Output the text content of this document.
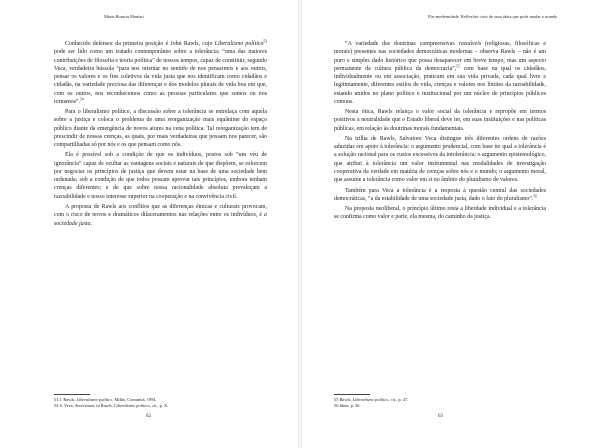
Maria Rosaria Maniari

Conhecido defensor da primeira posição é John Rawls, cujo Liberalismo político$^{53}$ pode ser lido como um tratado contemporâneo sobre a tolerância; “uma das maiores contribuições de filosofia e teoria política” de nossos tempos, capaz de constituir, segundo Veca, verdadeira bússola “para nos orientar no sentido de nos pensarmos e aos outros, pensar os valores e os fins coletivos da vida justa que nos identificam como cidadãos e cidadãs, na variedade preciosa das diferenças e dos modelos plurais de vida boa em que, com os outros, nos reconhecemos como as pessoas particulares que somos ou nos tornamos”.$^{54}$

Para o liberalismo político, a discussão sobre a tolerância se entrelaça com aquela sobre a justiça e coloca o problema de uma reorganização mais equânime do espaço público diante da emergência de novos atores na cena política. Tal reorganização tem de prescindir de nossas crenças, as quais, por mais verdadeiras que possam nos parecer, são compartilhadas só por nós e os que pensam como nós.

Ela é possível sob a condição de que os indivíduos, postos sob “um véu de ignorância” capaz de ocultar as vantagens sociais e naturais de que dispõem, se esforcem por negociar os princípios de justiça que devem estar na base de uma sociedade bem ordenada; sob a condição de que todos possam aprovar tais princípios, embora tenham crenças diferentes; e de que sobre nossa racionalidade absoluta prevaleçam a razoabilidade e nosso interesse superior na cooperação e na convivência civil.

A proposta de Rawls aos conflitos que as diferenças étnicas e culturais provocam, com o risco de novos e dramáticos dilaceramentos nas relações entre os indivíduos, é a sociedade justa.

53 J. Rawls, Liberalismo político, Milão, Comunità, 1994.

54 S. Veca, Avvertenza, in Rawls, Liberalismo político, cit., p. X.

62
Pós-modernidade. Reflexões civis de uma ideia que pode mudar o mundo

“A variedade das doutrinas compreensivas razoáveis (religiosas, filosóficas e morais) presentes nas sociedades democráticas modernas – observa Rawls – não é um puro e simples dado histórico que possa desaparecer em breve tempo, mas um aspecto permanente da cultura pública da democracia”,$^{55}$ com base na qual os cidadãos, individualmente ou em associação, praticam em sua vida privada, cada qual livre e legitimamente, diferentes estilos de vida, crenças e valores nos limites da razoabilidade, estando unidos no plano político e institucional por um núcleo de princípios públicos comuns.

Nesta ótica, Rawls relança o valor social da tolerância e repropõe em termos positivos a neutralidade que o Estado liberal deve ter, em suas instituições e nas políticas públicas, em relação às doutrinas morais fundamentais.

Na trilha de Rawls, Salvatore Veca distingue três diferentes ordens de razões aduzidas em apoio à tolerância: o argumento prudencial, com base no qual a tolerância é a solução racional para os custos excessivos da intolerância; o argumento epistemológico, que atribui à tolerância um valor instrumental nas modalidades de investigação cooperativa da verdade em matéria de crenças sobre nós e o mundo; o argumento moral, que assume a tolerância como valor em si no âmbito do pluralismo de valores.

Também para Veca a tolerância é a resposta à questão central das sociedades democráticas, “a da estabilidade de uma sociedade justa, dado o fato do pluralismo”.$^{56}$

Na proposta neoliberal, o princípio último resta a liberdade individual e a tolerância se confirma como valor e parte, ela mesma, do caminho da justiça.

55 Rawls, Liberalismo político, cit., p. 47.

56 Idem, p. 56.

63
